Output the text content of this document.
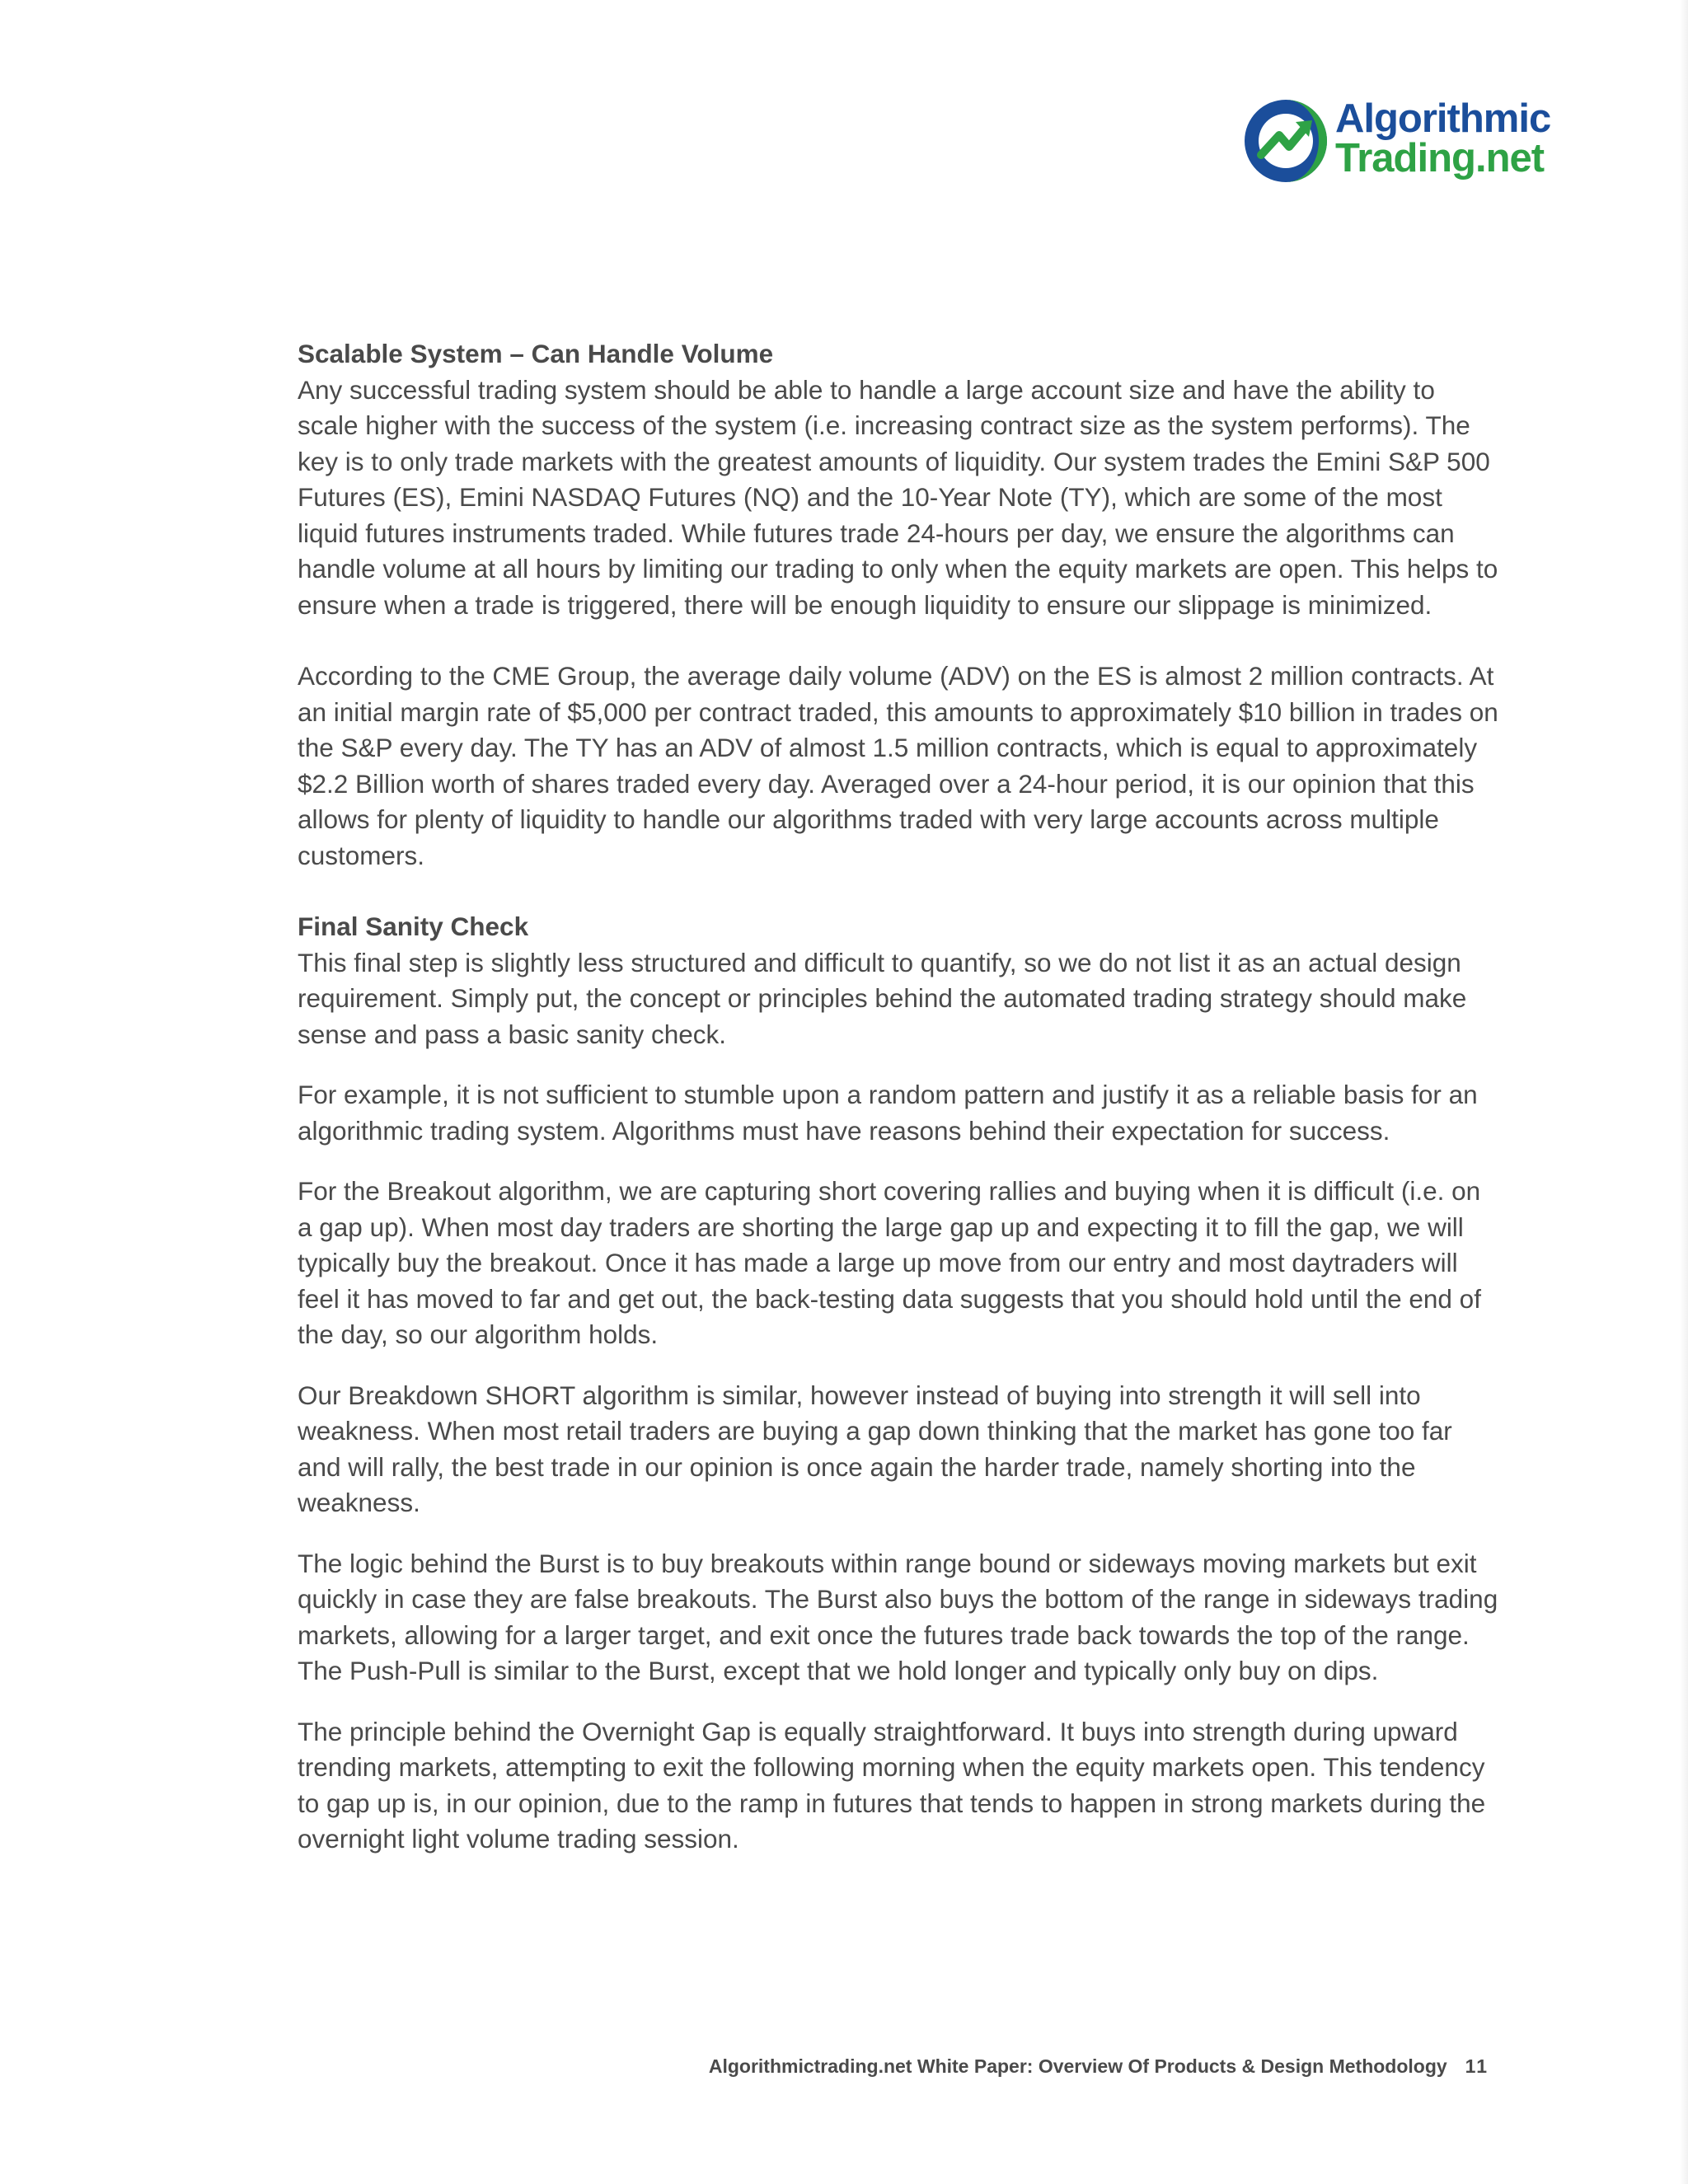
Algorithmic
Trading.net

Scalable System – Can Handle Volume

Any successful trading system should be able to handle a large account size and have the ability to scale higher with the success of the system (i.e. increasing contract size as the system performs). The key is to only trade markets with the greatest amounts of liquidity. Our system trades the Emini S&P 500 Futures (ES), Emini NASDAQ Futures (NQ) and the 10-Year Note (TY), which are some of the most liquid futures instruments traded. While futures trade 24-hours per day, we ensure the algorithms can handle volume at all hours by limiting our trading to only when the equity markets are open. This helps to ensure when a trade is triggered, there will be enough liquidity to ensure our slippage is minimized.

According to the CME Group, the average daily volume (ADV) on the ES is almost 2 million contracts. At an initial margin rate of $5,000 per contract traded, this amounts to approximately $10 billion in trades on the S&P every day. The TY has an ADV of almost 1.5 million contracts, which is equal to approximately $2.2 Billion worth of shares traded every day. Averaged over a 24-hour period, it is our opinion that this allows for plenty of liquidity to handle our algorithms traded with very large accounts across multiple customers.

Final Sanity Check

This final step is slightly less structured and difficult to quantify, so we do not list it as an actual design requirement. Simply put, the concept or principles behind the automated trading strategy should make sense and pass a basic sanity check.

For example, it is not sufficient to stumble upon a random pattern and justify it as a reliable basis for an algorithmic trading system. Algorithms must have reasons behind their expectation for success.

For the Breakout algorithm, we are capturing short covering rallies and buying when it is difficult (i.e. on a gap up). When most day traders are shorting the large gap up and expecting it to fill the gap, we will typically buy the breakout. Once it has made a large up move from our entry and most daytraders will feel it has moved to far and get out, the back-testing data suggests that you should hold until the end of the day, so our algorithm holds.

Our Breakdown SHORT algorithm is similar, however instead of buying into strength it will sell into weakness. When most retail traders are buying a gap down thinking that the market has gone too far and will rally, the best trade in our opinion is once again the harder trade, namely shorting into the weakness.

The logic behind the Burst is to buy breakouts within range bound or sideways moving markets but exit quickly in case they are false breakouts. The Burst also buys the bottom of the range in sideways trading markets, allowing for a larger target, and exit once the futures trade back towards the top of the range. The Push-Pull is similar to the Burst, except that we hold longer and typically only buy on dips.

The principle behind the Overnight Gap is equally straightforward. It buys into strength during upward trending markets, attempting to exit the following morning when the equity markets open. This tendency to gap up is, in our opinion, due to the ramp in futures that tends to happen in strong markets during the overnight light volume trading session.

Algorithmictrading.net White Paper: Overview Of Products & Design Methodology 11
